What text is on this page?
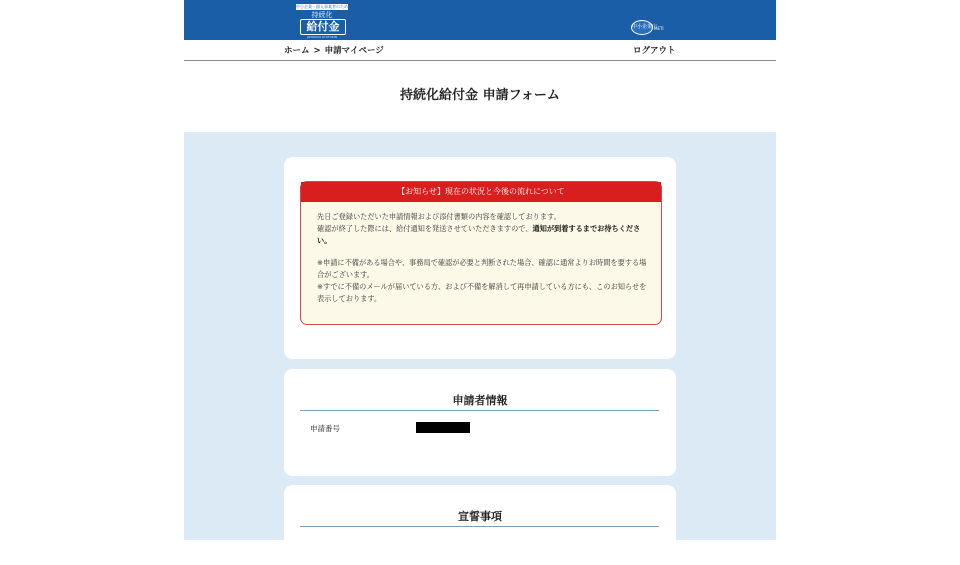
中小企業・個人事業者のための
持続化
給付金
JIZOKUKA KYUFUKIN
中小企業庁
METI
ホーム > 申請マイページ	ログアウト
持続化給付金 申請フォーム
【お知らせ】現在の状況と今後の流れについて

先日ご登録いただいた申請情報および添付書類の内容を確認しております。

確認が終了した際には、給付通知を発送させていただきますので、通知が到着するまでお待ちください。

※申請に不備がある場合や、事務局で確認が必要と判断された場合、確認に通常よりお時間を要する場合がございます。

※すでに不備のメールが届いている方、および不備を解消して再申請している方にも、このお知らせを表示しております。

申請者情報
申請番号
宣誓事項
